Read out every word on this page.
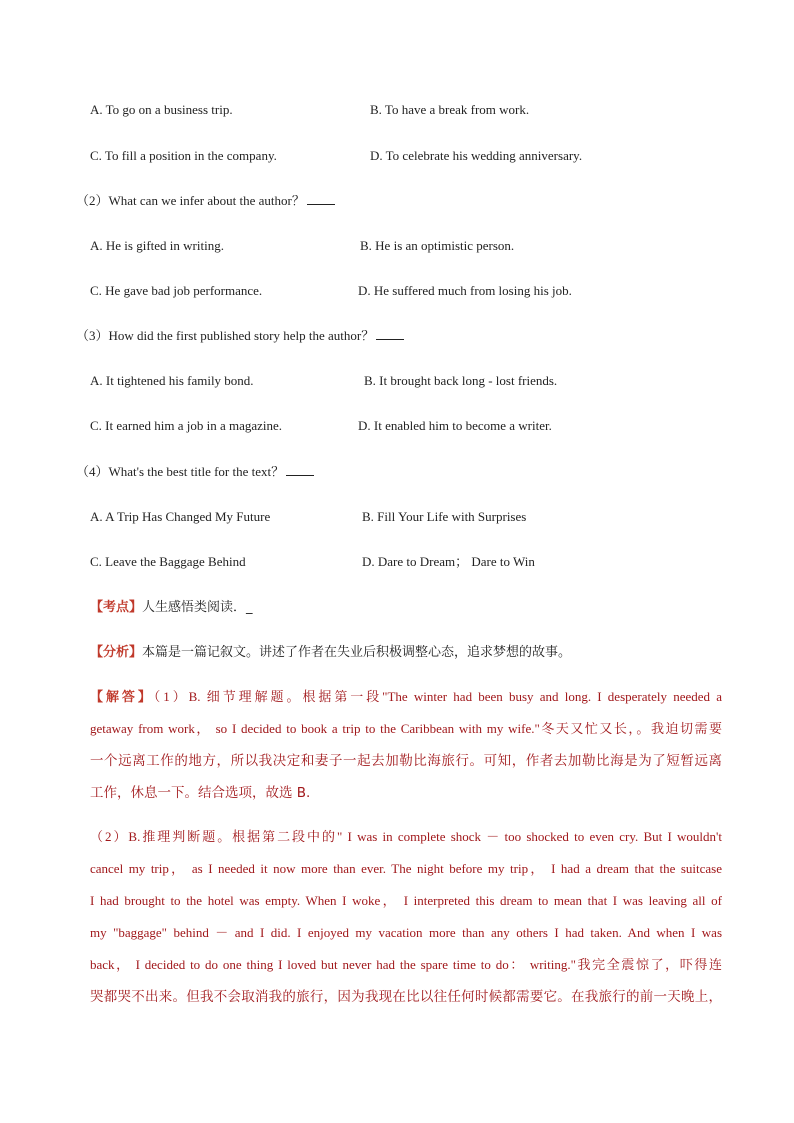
A. To go on a business trip.	B. To have a break from work.
C. To fill a position in the company.	D. To celebrate his wedding anniversary.
（2）What can we infer about the author？
A. He is gifted in writing.	B. He is an optimistic person.
C. He gave bad job performance.	D. He suffered much from losing his job.
（3）How did the first published story help the author？
A. It tightened his family bond.	B. It brought back long - lost friends.
C. It earned him a job in a magazine.	D. It enabled him to become a writer.
（4）What's the best title for the text？
A. A Trip Has Changed My Future	B. Fill Your Life with Surprises
C. Leave the Baggage Behind	D. Dare to Dream； Dare to Win
【考点】人生感悟类阅读．_
【分析】本篇是一篇记叙文。讲述了作者在失业后积极调整心态，追求梦想的故事。

【解答】（1）B. 细节理解题。根据第一段"The winter had been busy and long. I desperately needed a

getaway from work， so I decided to book a trip to the Caribbean with my wife."冬天又忙又长，。我迫切需要

一个远离工作的地方，所以我决定和妻子一起去加勒比海旅行。可知，作者去加勒比海是为了短暂远离

工作，休息一下。结合选项，故选 B.

（2）B.推理判断题。根据第二段中的" I was in complete shock － too shocked to even cry. But I wouldn't

cancel my trip， as I needed it now more than ever. The night before my trip， I had a dream that the suitcase

I had brought to the hotel was empty. When I woke， I interpreted this dream to mean that I was leaving all of

my "baggage" behind － and I did. I enjoyed my vacation more than any others I had taken. And when I was

back， I decided to do one thing I loved but never had the spare time to do： writing."我完全震惊了，吓得连

哭都哭不出来。但我不会取消我的旅行，因为我现在比以往任何时候都需要它。在我旅行的前一天晚上，
